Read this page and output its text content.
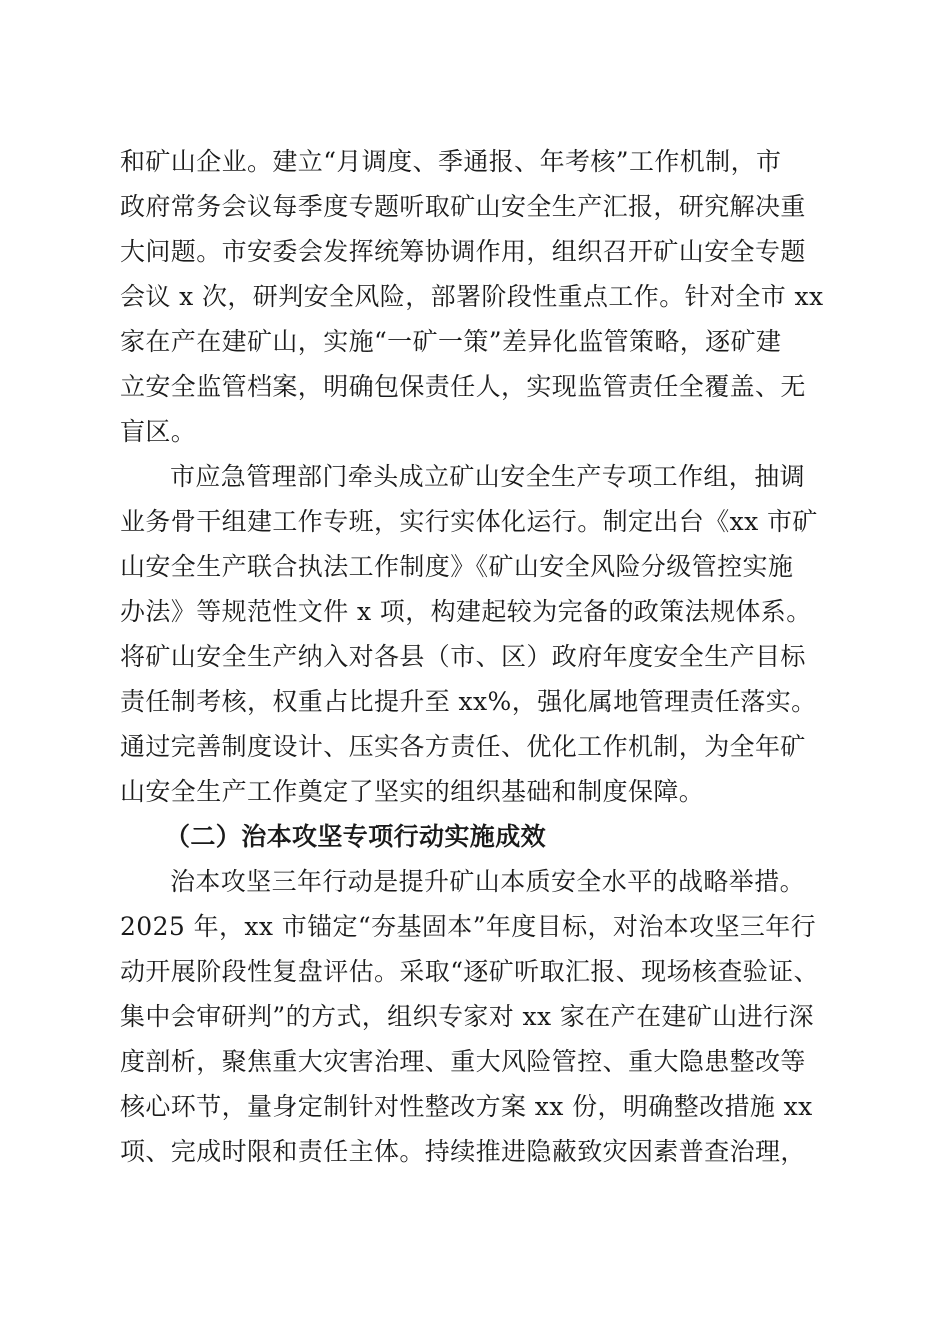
和矿山企业。建立“月调度、季通报、年考核”工作机制，市
政府常务会议每季度专题听取矿山安全生产汇报，研究解决重
大问题。市安委会发挥统筹协调作用，组织召开矿山安全专题
会议 x 次，研判安全风险，部署阶段性重点工作。针对全市 xx
家在产在建矿山，实施“一矿一策”差异化监管策略，逐矿建
立安全监管档案，明确包保责任人，实现监管责任全覆盖、无
盲区。
市应急管理部门牵头成立矿山安全生产专项工作组，抽调
业务骨干组建工作专班，实行实体化运行。制定出台《xx 市矿
山安全生产联合执法工作制度》《矿山安全风险分级管控实施
办法》等规范性文件 x 项，构建起较为完备的政策法规体系。
将矿山安全生产纳入对各县（市、区）政府年度安全生产目标
责任制考核，权重占比提升至 xx%，强化属地管理责任落实。
通过完善制度设计、压实各方责任、优化工作机制，为全年矿
山安全生产工作奠定了坚实的组织基础和制度保障。
（二）治本攻坚专项行动实施成效
治本攻坚三年行动是提升矿山本质安全水平的战略举措。
2025 年，xx 市锚定“夯基固本”年度目标，对治本攻坚三年行
动开展阶段性复盘评估。采取“逐矿听取汇报、现场核查验证、
集中会审研判”的方式，组织专家对 xx 家在产在建矿山进行深
度剖析，聚焦重大灾害治理、重大风险管控、重大隐患整改等
核心环节，量身定制针对性整改方案 xx 份，明确整改措施 xx
项、完成时限和责任主体。持续推进隐蔽致灾因素普查治理，
